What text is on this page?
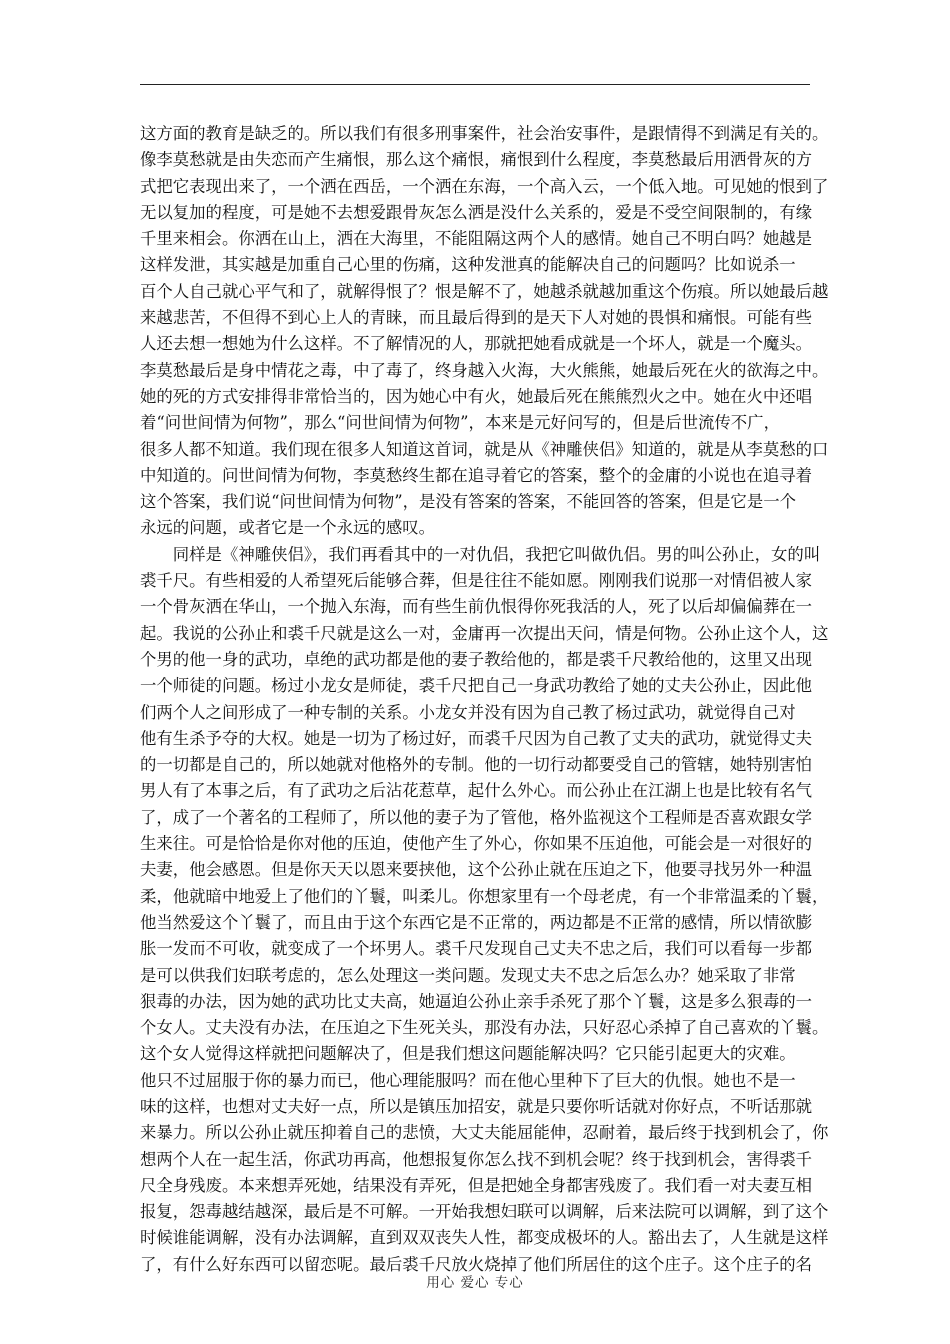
这方面的教育是缺乏的。所以我们有很多刑事案件，社会治安事件，是跟情得不到满足有关的。
像李莫愁就是由失恋而产生痛恨，那么这个痛恨，痛恨到什么程度，李莫愁最后用洒骨灰的方
式把它表现出来了，一个洒在西岳，一个洒在东海，一个高入云，一个低入地。可见她的恨到了
无以复加的程度，可是她不去想爱跟骨灰怎么洒是没什么关系的，爱是不受空间限制的，有缘
千里来相会。你洒在山上，洒在大海里，不能阻隔这两个人的感情。她自己不明白吗？她越是
这样发泄，其实越是加重自己心里的伤痛，这种发泄真的能解决自己的问题吗？比如说杀一
百个人自己就心平气和了，就解得恨了？恨是解不了，她越杀就越加重这个伤痕。所以她最后越
来越悲苦，不但得不到心上人的青睐，而且最后得到的是天下人对她的畏惧和痛恨。可能有些
人还去想一想她为什么这样。不了解情况的人，那就把她看成就是一个坏人，就是一个魔头。
李莫愁最后是身中情花之毒，中了毒了，终身越入火海，大火熊熊，她最后死在火的欲海之中。
她的死的方式安排得非常恰当的，因为她心中有火，她最后死在熊熊烈火之中。她在火中还唱
着“问世间情为何物”，那么“问世间情为何物”，本来是元好问写的，但是后世流传不广，
很多人都不知道。我们现在很多人知道这首词，就是从《神雕侠侣》知道的，就是从李莫愁的口
中知道的。问世间情为何物，李莫愁终生都在追寻着它的答案，整个的金庸的小说也在追寻着
这个答案，我们说“问世间情为何物”，是没有答案的答案，不能回答的答案，但是它是一个
永远的问题，或者它是一个永远的感叹。

　　同样是《神雕侠侣》，我们再看其中的一对仇侣，我把它叫做仇侣。男的叫公孙止，女的叫
裘千尺。有些相爱的人希望死后能够合葬，但是往往不能如愿。刚刚我们说那一对情侣被人家
一个骨灰洒在华山，一个抛入东海，而有些生前仇恨得你死我活的人，死了以后却偏偏葬在一
起。我说的公孙止和裘千尺就是这么一对，金庸再一次提出天问，情是何物。公孙止这个人，这
个男的他一身的武功，卓绝的武功都是他的妻子教给他的，都是裘千尺教给他的，这里又出现
一个师徒的问题。杨过小龙女是师徒，裘千尺把自己一身武功教给了她的丈夫公孙止，因此他
们两个人之间形成了一种专制的关系。小龙女并没有因为自己教了杨过武功，就觉得自己对
他有生杀予夺的大权。她是一切为了杨过好，而裘千尺因为自己教了丈夫的武功，就觉得丈夫
的一切都是自己的，所以她就对他格外的专制。他的一切行动都要受自己的管辖，她特别害怕
男人有了本事之后，有了武功之后沾花惹草，起什么外心。而公孙止在江湖上也是比较有名气
了，成了一个著名的工程师了，所以他的妻子为了管他，格外监视这个工程师是否喜欢跟女学
生来往。可是恰恰是你对他的压迫，使他产生了外心，你如果不压迫他，可能会是一对很好的
夫妻，他会感恩。但是你天天以恩来要挟他，这个公孙止就在压迫之下，他要寻找另外一种温
柔，他就暗中地爱上了他们的丫鬟，叫柔儿。你想家里有一个母老虎，有一个非常温柔的丫鬟，
他当然爱这个丫鬟了，而且由于这个东西它是不正常的，两边都是不正常的感情，所以情欲膨
胀一发而不可收，就变成了一个坏男人。裘千尺发现自己丈夫不忠之后，我们可以看每一步都
是可以供我们妇联考虑的，怎么处理这一类问题。发现丈夫不忠之后怎么办？她采取了非常
狠毒的办法，因为她的武功比丈夫高，她逼迫公孙止亲手杀死了那个丫鬟，这是多么狠毒的一
个女人。丈夫没有办法，在压迫之下生死关头，那没有办法，只好忍心杀掉了自己喜欢的丫鬟。
这个女人觉得这样就把问题解决了，但是我们想这问题能解决吗？它只能引起更大的灾难。
他只不过屈服于你的暴力而已，他心理能服吗？而在他心里种下了巨大的仇恨。她也不是一
味的这样，也想对丈夫好一点，所以是镇压加招安，就是只要你听话就对你好点，不听话那就
来暴力。所以公孙止就压抑着自己的悲愤，大丈夫能屈能伸，忍耐着，最后终于找到机会了，你
想两个人在一起生活，你武功再高，他想报复你怎么找不到机会呢？终于找到机会，害得裘千
尺全身残废。本来想弄死她，结果没有弄死，但是把她全身都害残废了。我们看一对夫妻互相
报复，怨毒越结越深，最后是不可解。一开始我想妇联可以调解，后来法院可以调解，到了这个
时候谁能调解，没有办法调解，直到双双丧失人性，都变成极坏的人。豁出去了，人生就是这样
了，有什么好东西可以留恋呢。最后裘千尺放火烧掉了他们所居住的这个庄子。这个庄子的名

用心 爱心 专心
